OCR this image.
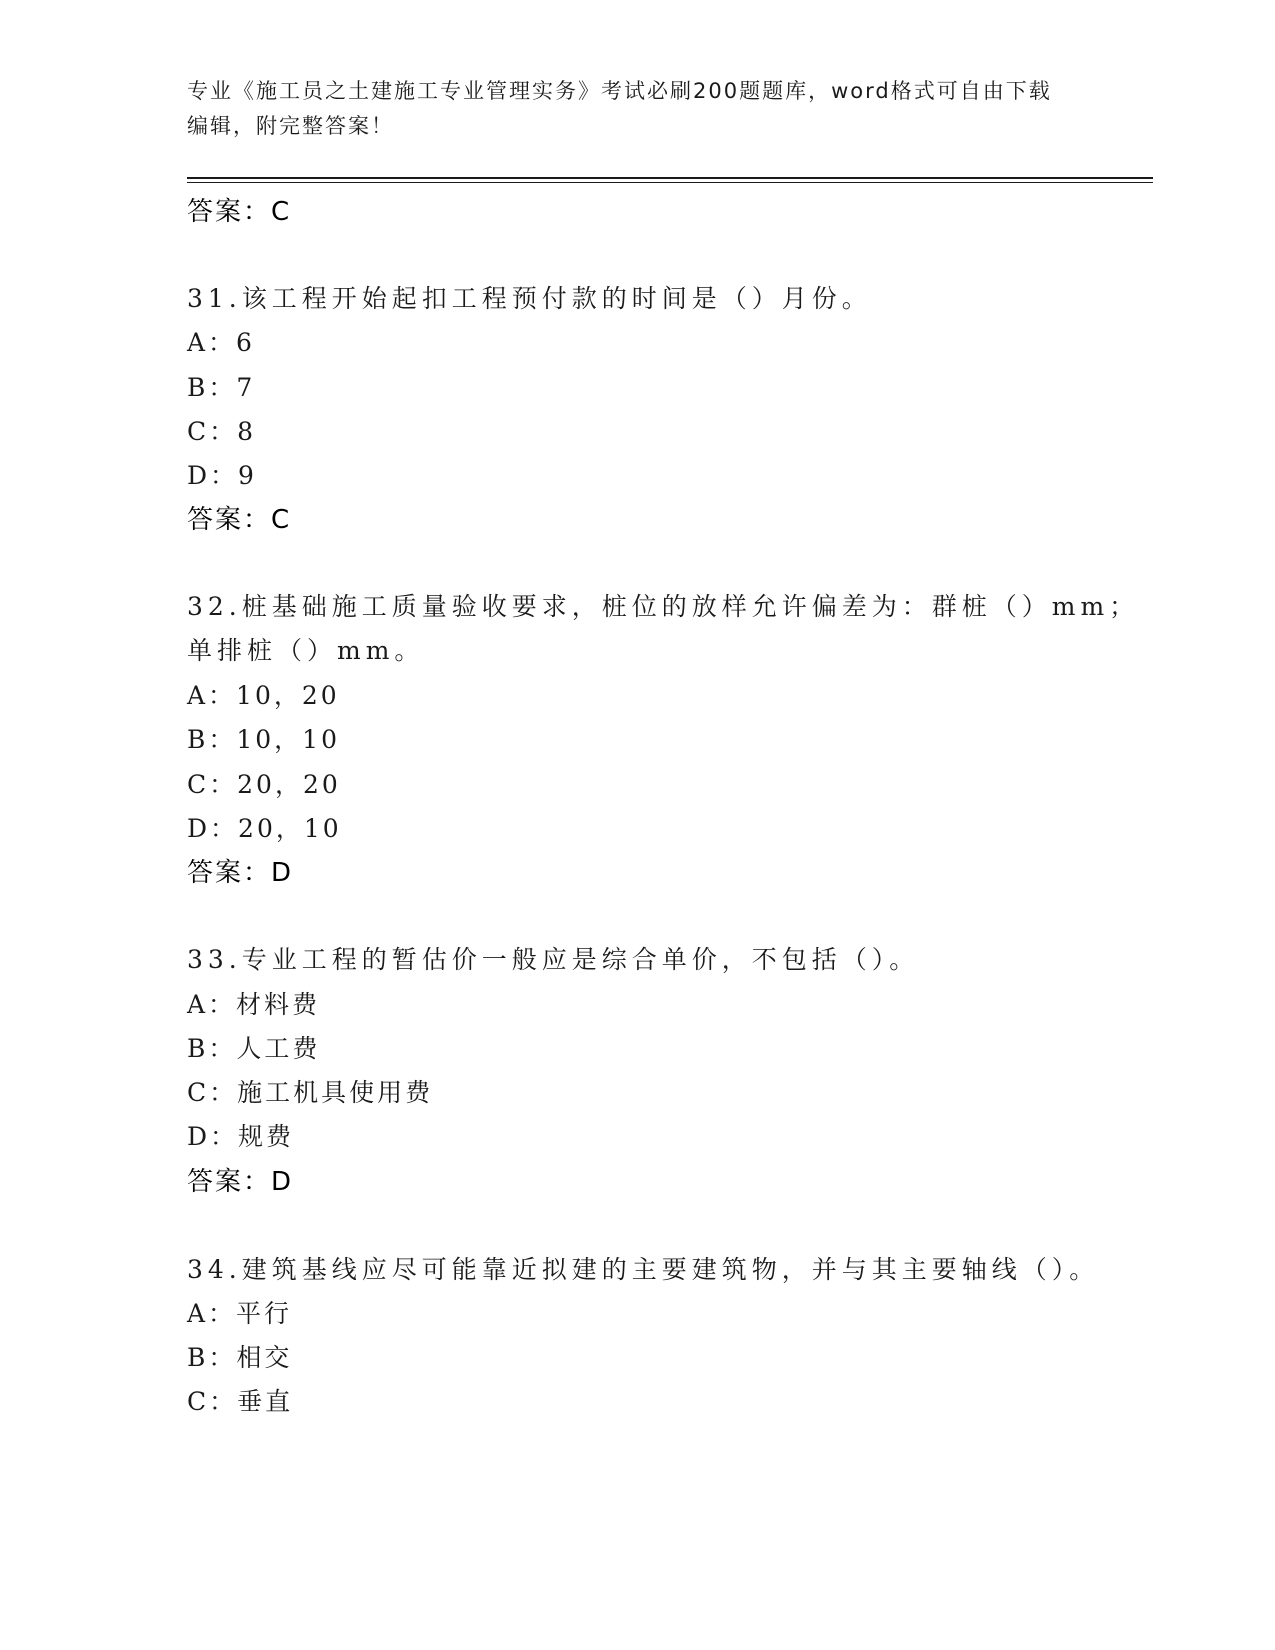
专业《施工员之土建施工专业管理实务》考试必刷200题题库，word格式可自由下载编辑，附完整答案！
答案：C
31.该工程开始起扣工程预付款的时间是（）月份。
A：6
B：7
C：8
D：9
答案：C
32.桩基础施工质量验收要求，桩位的放样允许偏差为：群桩（）mm；
单排桩（）mm。
A：10，20
B：10，10
C：20，20
D：20，10
答案：D
33.专业工程的暂估价一般应是综合单价，不包括（）。
A：材料费
B：人工费
C：施工机具使用费
D：规费
答案：D
34.建筑基线应尽可能靠近拟建的主要建筑物，并与其主要轴线（）。
A：平行
B：相交
C：垂直
